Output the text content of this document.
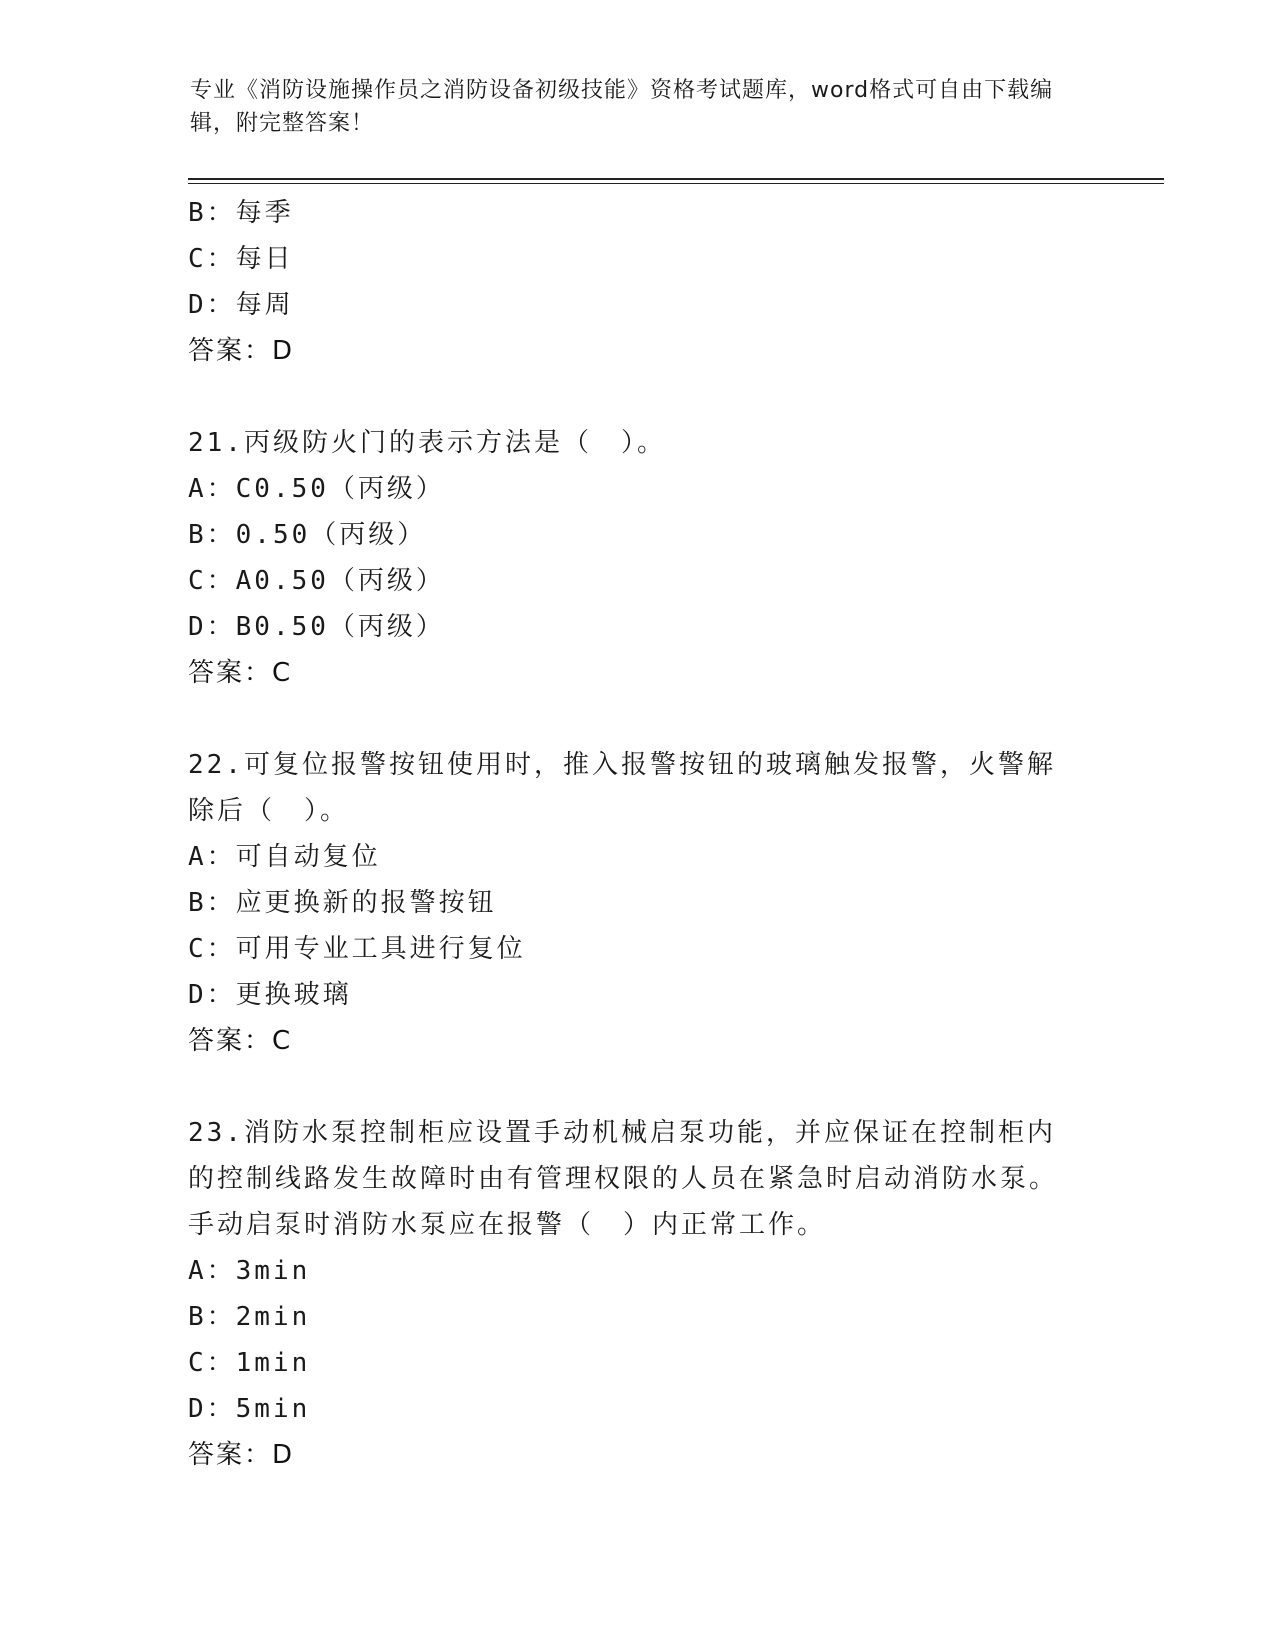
专业《消防设施操作员之消防设备初级技能》资格考试题库，word格式可自由下载编辑，附完整答案！
B：每季
C：每日
D：每周
答案：D
21.丙级防火门的表示方法是（　）。
A：C0.50（丙级）
B：0.50（丙级）
C：A0.50（丙级）
D：B0.50（丙级）
答案：C
22.可复位报警按钮使用时，推入报警按钮的玻璃触发报警，火警解除后（　）。
A：可自动复位
B：应更换新的报警按钮
C：可用专业工具进行复位
D：更换玻璃
答案：C
23.消防水泵控制柜应设置手动机械启泵功能，并应保证在控制柜内的控制线路发生故障时由有管理权限的人员在紧急时启动消防水泵。手动启泵时消防水泵应在报警（　）内正常工作。
A：3min
B：2min
C：1min
D：5min
答案：D
